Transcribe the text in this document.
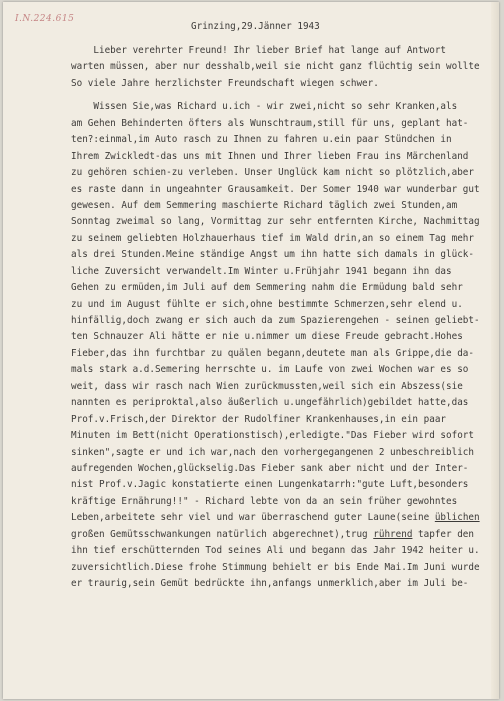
I.N.224.615
Grinzing,29.Jänner 1943
Lieber verehrter Freund! Ihr lieber Brief hat lange auf Antwort
warten müssen, aber nur desshalb,weil sie nicht ganz flüchtig sein wollte
So viele Jahre herzlichster Freundschaft wiegen schwer.
Wissen Sie,was Richard u.ich - wir zwei,nicht so sehr Kranken,als
am Gehen Behinderten öfters als Wunschtraum,still für uns, geplant hat-
ten?:einmal,im Auto rasch zu Ihnen zu fahren u.ein paar Stündchen in
Ihrem Zwickledt-das uns mit Ihnen und Ihrer lieben Frau ins Märchenland
zu gehören schien-zu verleben. Unser Unglück kam nicht so plötzlich,aber
es raste dann in ungeahnter Grausamkeit. Der Somer 1940 war wunderbar gut
gewesen. Auf dem Semmering maschierte Richard täglich zwei Stunden,am
Sonntag zweimal so lang, Vormittag zur sehr entfernten Kirche, Nachmittag
zu seinem geliebten Holzhauerhaus tief im Wald drin,an so einem Tag mehr
als drei Stunden.Meine ständige Angst um ihn hatte sich damals in glück-
liche Zuversicht verwandelt.Im Winter u.Frühjahr 1941 begann ihn das
Gehen zu ermüden,im Juli auf dem Semmering nahm die Ermüdung bald sehr
zu und im August fühlte er sich,ohne bestimmte Schmerzen,sehr elend u.
hinfällig,doch zwang er sich auch da zum Spazierengehen - seinen geliebt-
ten Schnauzer Ali hätte er nie u.nimmer um diese Freude gebracht.Hohes
Fieber,das ihn furchtbar zu quälen begann,deutete man als Grippe,die da-
mals stark a.d.Semering herrschte u. im Laufe von zwei Wochen war es so
weit, dass wir rasch nach Wien zurückmussten,weil sich ein Abszess(sie
nannten es periproktal,also äußerlich u.ungefährlich)gebildet hatte,das
Prof.v.Frisch,der Direktor der Rudolfiner Krankenhauses,in ein paar
Minuten im Bett(nicht Operationstisch),erledigte."Das Fieber wird sofort
sinken",sagte er und ich war,nach den vorhergegangenen 2 unbeschreiblich
aufregenden Wochen,glückselig.Das Fieber sank aber nicht und der Inter-
nist Prof.v.Jagic konstatierte einen Lungenkatarrh:"gute Luft,besonders
kräftige Ernährung!!" - Richard lebte von da an sein früher gewohntes
Leben,arbeitete sehr viel und war überraschend guter Laune(seine üblichen
großen Gemütsschwankungen natürlich abgerechnet),trug rührend tapfer den
ihn tief erschütternden Tod seines Ali und begann das Jahr 1942 heiter u.
zuversichtlich.Diese frohe Stimmung behielt er bis Ende Mai.Im Juni wurde
er traurig,sein Gemüt bedrückte ihn,anfangs unmerklich,aber im Juli be-
